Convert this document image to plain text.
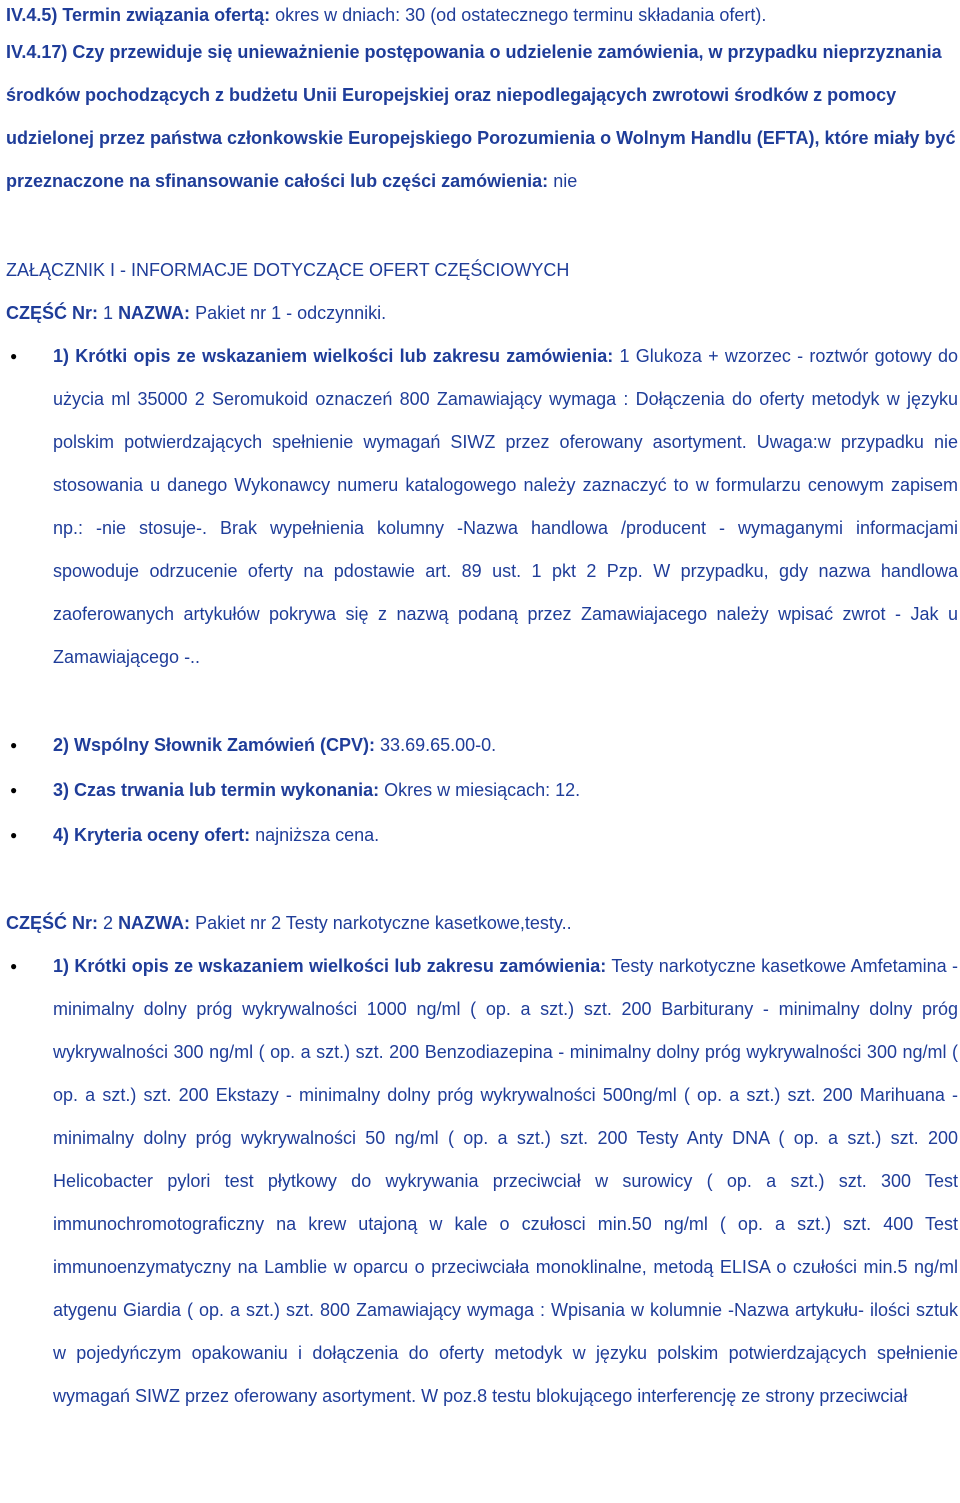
IV.4.5) Termin związania ofertą: okres w dniach: 30 (od ostatecznego terminu składania ofert).

IV.4.17) Czy przewiduje się unieważnienie postępowania o udzielenie zamówienia, w przypadku nieprzyznania środków pochodzących z budżetu Unii Europejskiej oraz niepodlegających zwrotowi środków z pomocy udzielonej przez państwa członkowskie Europejskiego Porozumienia o Wolnym Handlu (EFTA), które miały być przeznaczone na sfinansowanie całości lub części zamówienia: nie

ZAŁĄCZNIK I - INFORMACJE DOTYCZĄCE OFERT CZĘŚCIOWYCH

CZĘŚĆ Nr: 1 NAZWA: Pakiet nr 1 - odczynniki.

● 1) Krótki opis ze wskazaniem wielkości lub zakresu zamówienia: 1 Glukoza + wzorzec - roztwór gotowy do użycia ml 35000 2 Seromukoid oznaczeń 800 Zamawiający wymaga : Dołączenia do oferty metodyk w języku polskim potwierdzających spełnienie wymagań SIWZ przez oferowany asortyment. Uwaga:w przypadku nie stosowania u danego Wykonawcy numeru katalogowego należy zaznaczyć to w formularzu cenowym zapisem np.: -nie stosuje-. Brak wypełnienia kolumny -Nazwa handlowa /producent - wymaganymi informacjami spowoduje odrzucenie oferty na pdostawie art. 89 ust. 1 pkt 2 Pzp. W przypadku, gdy nazwa handlowa zaoferowanych artykułów pokrywa się z nazwą podaną przez Zamawiajacego należy wpisać zwrot - Jak u Zamawiającego -..

● 2) Wspólny Słownik Zamówień (CPV): 33.69.65.00-0.

● 3) Czas trwania lub termin wykonania: Okres w miesiącach: 12.

● 4) Kryteria oceny ofert: najniższa cena.

CZĘŚĆ Nr: 2 NAZWA: Pakiet nr 2 Testy narkotyczne kasetkowe,testy..

● 1) Krótki opis ze wskazaniem wielkości lub zakresu zamówienia: Testy narkotyczne kasetkowe Amfetamina - minimalny dolny próg wykrywalności 1000 ng/ml ( op. a szt.) szt. 200 Barbiturany - minimalny dolny próg wykrywalności 300 ng/ml ( op. a szt.) szt. 200 Benzodiazepina - minimalny dolny próg wykrywalności 300 ng/ml ( op. a szt.) szt. 200 Ekstazy - minimalny dolny próg wykrywalności 500ng/ml ( op. a szt.) szt. 200 Marihuana - minimalny dolny próg wykrywalności 50 ng/ml ( op. a szt.) szt. 200 Testy Anty DNA ( op. a szt.) szt. 200 Helicobacter pylori test płytkowy do wykrywania przeciwciał w surowicy ( op. a szt.) szt. 300 Test immunochromotograficzny na krew utajoną w kale o czułosci min.50 ng/ml ( op. a szt.) szt. 400 Test immunoenzymatyczny na Lamblie w oparcu o przeciwciała monoklinalne, metodą ELISA o czułości min.5 ng/ml atygenu Giardia ( op. a szt.) szt. 800 Zamawiający wymaga : Wpisania w kolumnie -Nazwa artykułu- ilości sztuk w pojedyńczym opakowaniu i dołączenia do oferty metodyk w języku polskim potwierdzających spełnienie wymagań SIWZ przez oferowany asortyment. W poz.8 testu blokującego interferencję ze strony przeciwciał
